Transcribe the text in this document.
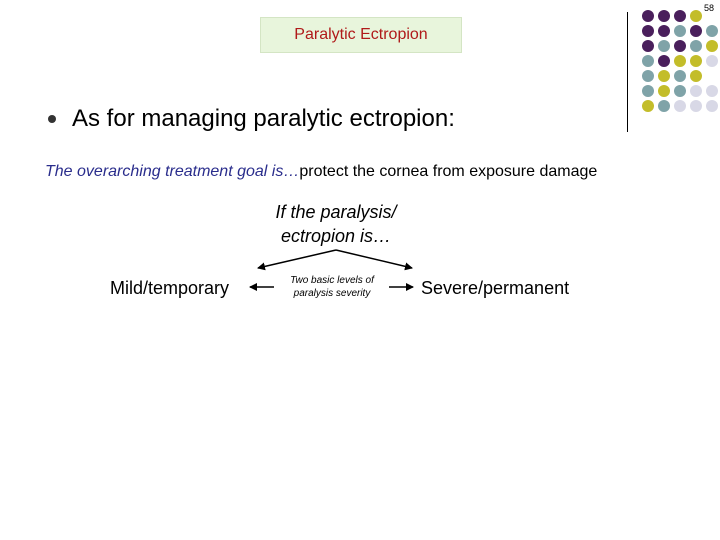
58
Paralytic Ectropion
As for managing paralytic ectropion:
The overarching treatment goal is…protect the cornea from exposure damage
If the paralysis/
ectropion is…
Mild/temporary	Two basic levels of
paralysis severity	Severe/permanent
